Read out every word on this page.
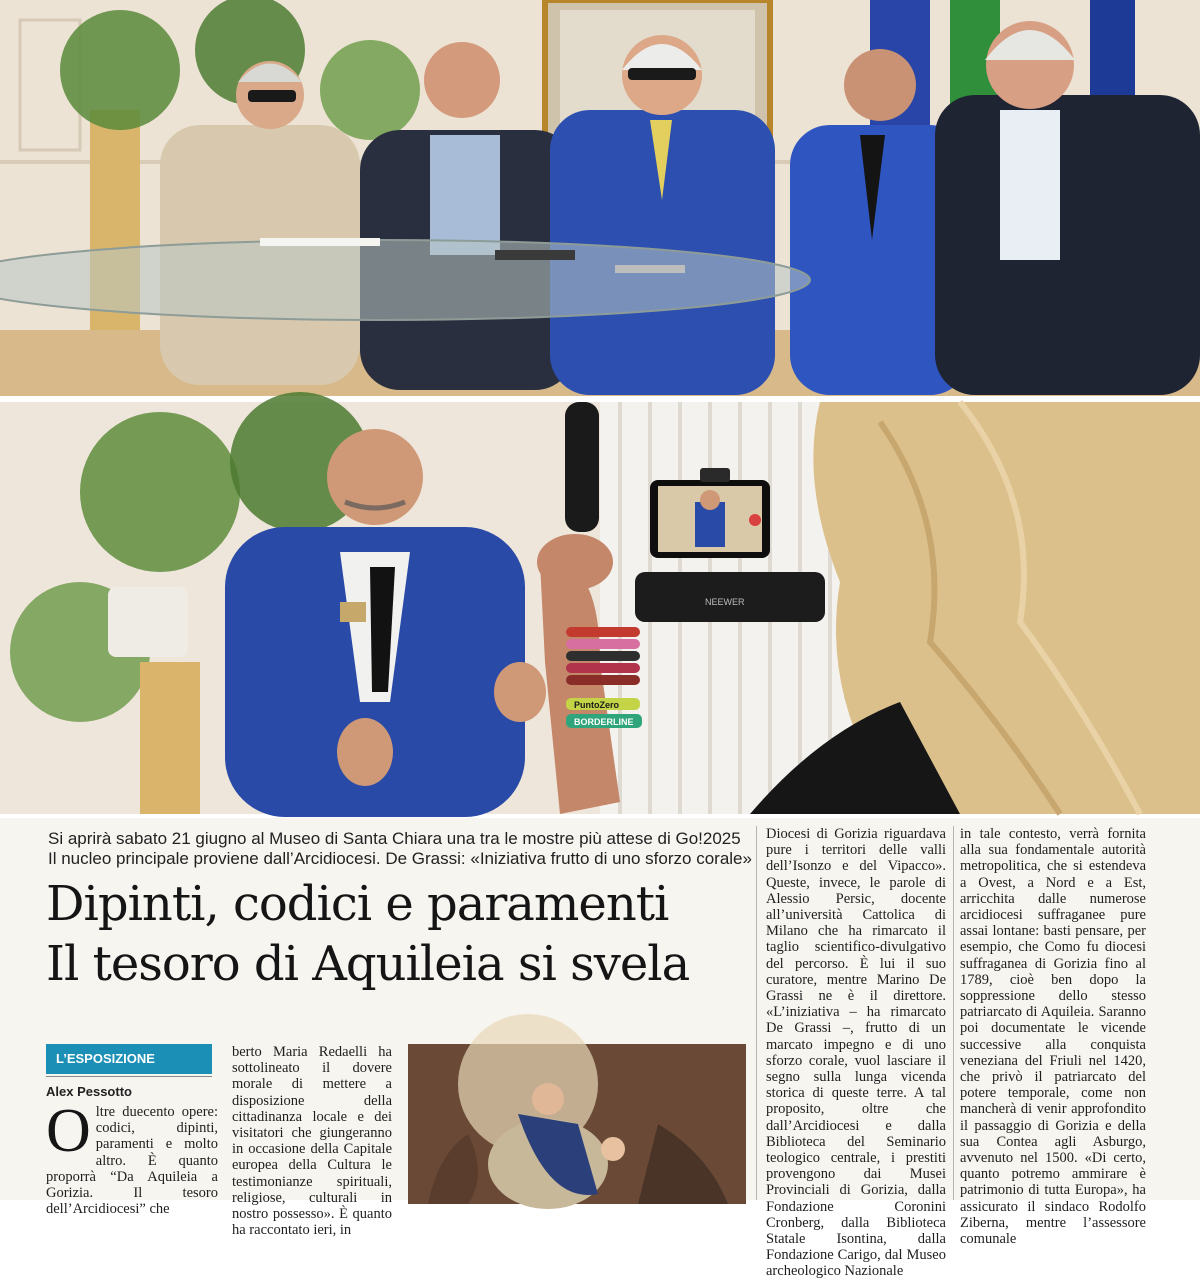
NEEWER
PuntoZero
BORDERLINE
Si aprirà sabato 21 giugno al Museo di Santa Chiara una tra le mostre più attese di Go!2025
Il nucleo principale proviene dall’Arcidiocesi. De Grassi: «Iniziativa frutto di uno sforzo corale»
Dipinti, codici e paramenti
Il tesoro di Aquileia si svela
L’ESPOSIZIONE
Alex Pessotto
Oltre duecento opere: codici, dipinti, paramenti e molto altro. È quanto proporrà “Da Aquileia a Gorizia. Il tesoro dell’Arcidiocesi” che
berto Maria Redaelli ha sottolineato il dovere morale di mettere a disposizione della cittadinanza locale e dei visitatori che giungeranno in occasione della Capitale europea della Cultura le testimonianze spirituali, religiose, culturali in nostro possesso». È quanto ha raccontato ieri, in
Diocesi di Gorizia riguardava pure i territori delle valli dell’Isonzo e del Vipacco». Queste, invece, le parole di Alessio Persic, docente all’università Cattolica di Milano che ha rimarcato il taglio scientifico-divulgativo del percorso. È lui il suo curatore, mentre Marino De Grassi ne è il direttore. «L’iniziativa – ha rimarcato De Grassi –, frutto di un marcato impegno e di uno sforzo corale, vuol lasciare il segno sulla lunga vicenda storica di queste terre. A tal proposito, oltre che dall’Arcidiocesi e dalla Biblioteca del Seminario teologico centrale, i prestiti provengono dai Musei Provinciali di Gorizia, dalla Fondazione Coronini Cronberg, dalla Biblioteca Statale Isontina, dalla Fondazione Carigo, dal Museo archeologico Nazionale
in tale contesto, verrà fornita alla sua fondamentale autorità metropolitica, che si estendeva a Ovest, a Nord e a Est, arricchita dalle numerose arcidiocesi suffraganee pure assai lontane: basti pensare, per esempio, che Como fu diocesi suffraganea di Gorizia fino al 1789, cioè ben dopo la soppressione dello stesso patriarcato di Aquileia. Saranno poi documentate le vicende successive alla conquista veneziana del Friuli nel 1420, che privò il patriarcato del potere temporale, come non mancherà di venir approfondito il passaggio di Gorizia e della sua Contea agli Asburgo, avvenuto nel 1500. «Di certo, quanto potremo ammirare è patrimonio di tutta Europa», ha assicurato il sindaco Rodolfo Ziberna, mentre l’assessore comunale
